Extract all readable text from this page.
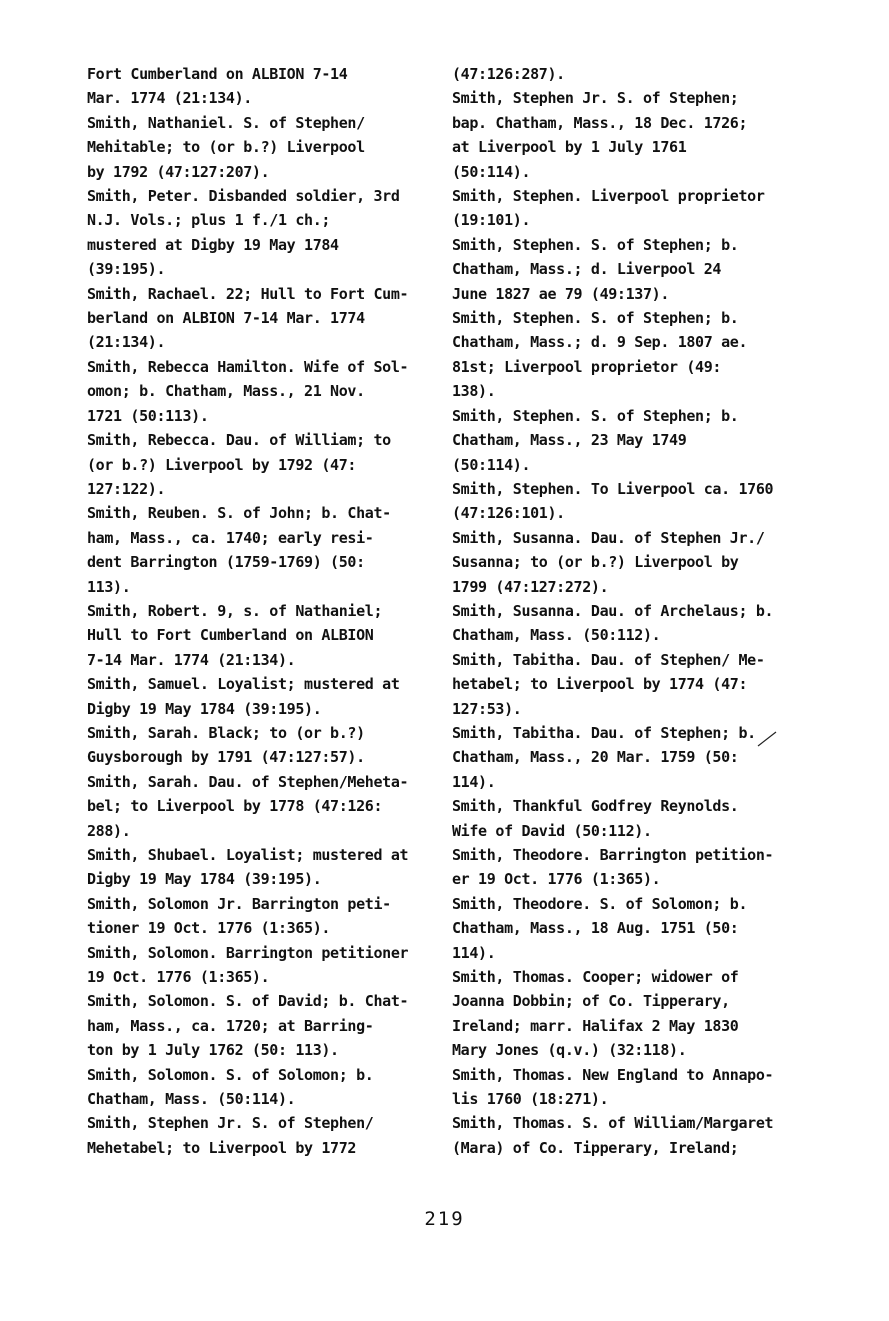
Fort Cumberland on ALBION 7-14
Mar. 1774 (21:134).
Smith, Nathaniel. S. of Stephen/
Mehitable; to (or b.?) Liverpool
by 1792 (47:127:207).
Smith, Peter. Disbanded soldier, 3rd
N.J. Vols.; plus 1 f./1 ch.;
mustered at Digby 19 May 1784
(39:195).
Smith, Rachael. 22; Hull to Fort Cum-
berland on ALBION 7-14 Mar. 1774
(21:134).
Smith, Rebecca Hamilton. Wife of Sol-
omon; b. Chatham, Mass., 21 Nov.
1721 (50:113).
Smith, Rebecca. Dau. of William; to
(or b.?) Liverpool by 1792 (47:
127:122).
Smith, Reuben. S. of John; b. Chat-
ham, Mass., ca. 1740; early resi-
dent Barrington (1759-1769) (50:
113).
Smith, Robert. 9, s. of Nathaniel;
Hull to Fort Cumberland on ALBION
7-14 Mar. 1774 (21:134).
Smith, Samuel. Loyalist; mustered at
Digby 19 May 1784 (39:195).
Smith, Sarah. Black; to (or b.?)
Guysborough by 1791 (47:127:57).
Smith, Sarah. Dau. of Stephen/Meheta-
bel; to Liverpool by 1778 (47:126:
288).
Smith, Shubael. Loyalist; mustered at
Digby 19 May 1784 (39:195).
Smith, Solomon Jr. Barrington peti-
tioner 19 Oct. 1776 (1:365).
Smith, Solomon. Barrington petitioner
19 Oct. 1776 (1:365).
Smith, Solomon. S. of David; b. Chat-
ham, Mass., ca. 1720; at Barring-
ton by 1 July 1762 (50: 113).
Smith, Solomon. S. of Solomon; b.
Chatham, Mass. (50:114).
Smith, Stephen Jr. S. of Stephen/
Mehetabel; to Liverpool by 1772
(47:126:287).
Smith, Stephen Jr. S. of Stephen;
bap. Chatham, Mass., 18 Dec. 1726;
at Liverpool by 1 July 1761
(50:114).
Smith, Stephen. Liverpool proprietor
(19:101).
Smith, Stephen. S. of Stephen; b.
Chatham, Mass.; d. Liverpool 24
June 1827 ae 79 (49:137).
Smith, Stephen. S. of Stephen; b.
Chatham, Mass.; d. 9 Sep. 1807 ae.
81st; Liverpool proprietor (49:
138).
Smith, Stephen. S. of Stephen; b.
Chatham, Mass., 23 May 1749
(50:114).
Smith, Stephen. To Liverpool ca. 1760
(47:126:101).
Smith, Susanna. Dau. of Stephen Jr./
Susanna; to (or b.?) Liverpool by
1799 (47:127:272).
Smith, Susanna. Dau. of Archelaus; b.
Chatham, Mass. (50:112).
Smith, Tabitha. Dau. of Stephen/ Me-
hetabel; to Liverpool by 1774 (47:
127:53).
Smith, Tabitha. Dau. of Stephen; b.
Chatham, Mass., 20 Mar. 1759 (50:
114).
Smith, Thankful Godfrey Reynolds.
Wife of David (50:112).
Smith, Theodore. Barrington petition-
er 19 Oct. 1776 (1:365).
Smith, Theodore. S. of Solomon; b.
Chatham, Mass., 18 Aug. 1751 (50:
114).
Smith, Thomas. Cooper; widower of
Joanna Dobbin; of Co. Tipperary,
Ireland; marr. Halifax 2 May 1830
Mary Jones (q.v.) (32:118).
Smith, Thomas. New England to Annapo-
lis 1760 (18:271).
Smith, Thomas. S. of William/Margaret
(Mara) of Co. Tipperary, Ireland;
219
